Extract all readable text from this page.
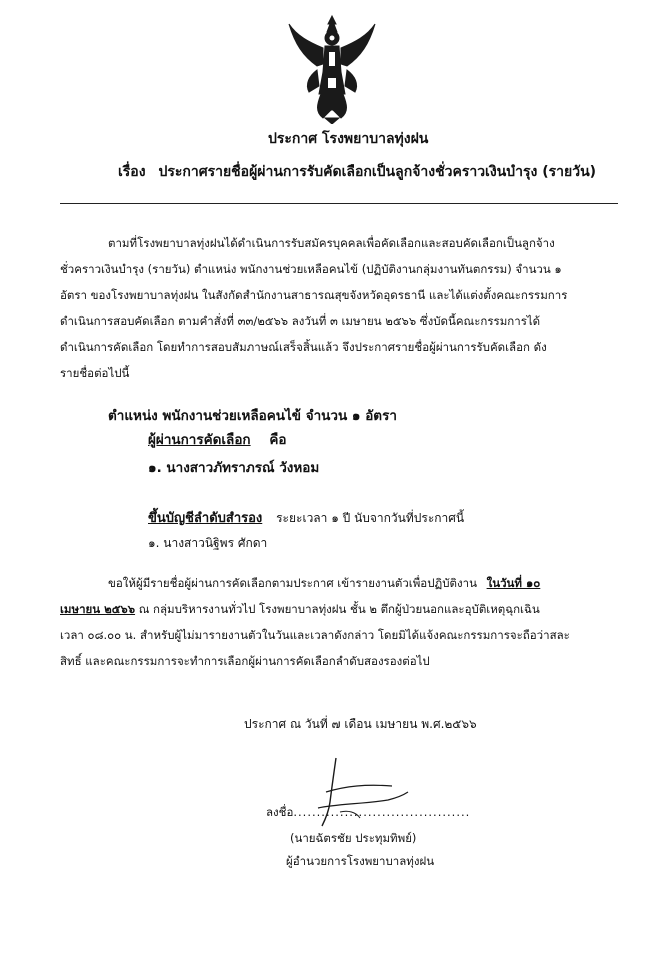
ประกาศ โรงพยาบาลทุ่งฝน
เรื่อง ประกาศรายชื่อผู้ผ่านการรับคัดเลือกเป็นลูกจ้างชั่วคราวเงินบำรุง (รายวัน)
ตามที่โรงพยาบาลทุ่งฝนได้ดำเนินการรับสมัครบุคคลเพื่อคัดเลือกและสอบคัดเลือกเป็นลูกจ้าง
ชั่วคราวเงินบำรุง (รายวัน) ตำแหน่ง พนักงานช่วยเหลือคนไข้ (ปฏิบัติงานกลุ่มงานทันตกรรม) จำนวน ๑
อัตรา ของโรงพยาบาลทุ่งฝน ในสังกัดสำนักงานสาธารณสุขจังหวัดอุดรธานี และได้แต่งตั้งคณะกรรมการ
ดำเนินการสอบคัดเลือก ตามคำสั่งที่ ๓๓/๒๕๖๖ ลงวันที่ ๓ เมษายน ๒๕๖๖ ซึ่งบัดนี้คณะกรรมการได้
ดำเนินการคัดเลือก โดยทำการสอบสัมภาษณ์เสร็จสิ้นแล้ว จึงประกาศรายชื่อผู้ผ่านการรับคัดเลือก ดัง
รายชื่อต่อไปนี้
ตำแหน่ง พนักงานช่วยเหลือคนไข้ จำนวน ๑ อัตรา
ผู้ผ่านการคัดเลือก คือ
๑. นางสาวภัทราภรณ์ วังหอม
ขึ้นบัญชีลำดับสำรอง ระยะเวลา ๑ ปี นับจากวันที่ประกาศนี้
๑. นางสาวนิฐิพร ศักดา
ขอให้ผู้มีรายชื่อผู้ผ่านการคัดเลือกตามประกาศ เข้ารายงานตัวเพื่อปฏิบัติงาน ในวันที่ ๑๐
เมษายน ๒๕๖๖ ณ กลุ่มบริหารงานทั่วไป โรงพยาบาลทุ่งฝน ชั้น ๒ ตึกผู้ป่วยนอกและอุบัติเหตุฉุกเฉิน
เวลา ๐๘.๐๐ น. สำหรับผู้ไม่มารายงานตัวในวันและเวลาดังกล่าว โดยมิได้แจ้งคณะกรรมการจะถือว่าสละ
สิทธิ์ และคณะกรรมการจะทำการเลือกผู้ผ่านการคัดเลือกลำดับสองรองต่อไป
ประกาศ ณ วันที่ ๗ เดือน เมษายน พ.ศ.๒๕๖๖
ลงชื่อ......................................
(นายฉัตรชัย ประทุมทิพย์)
ผู้อำนวยการโรงพยาบาลทุ่งฝน
